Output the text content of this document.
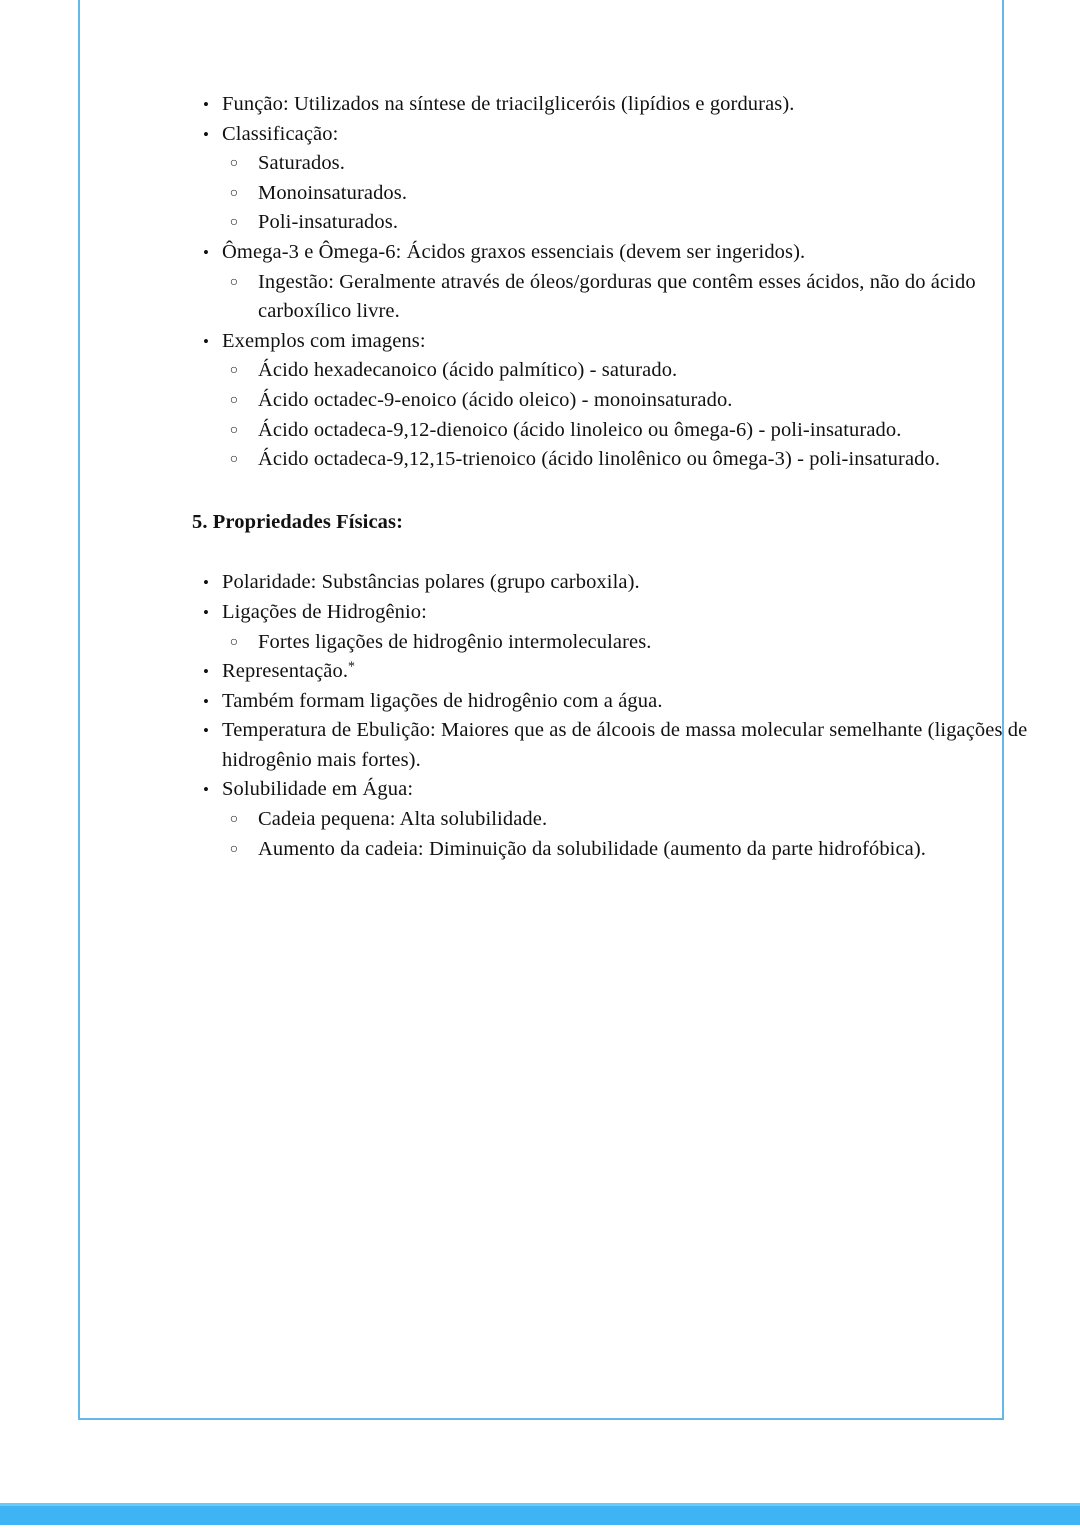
• Função: Utilizados na síntese de triacilgliceróis (lipídios e gorduras).
• Classificação:
○ Saturados.
○ Monoinsaturados.
○ Poli-insaturados.
• Ômega-3 e Ômega-6: Ácidos graxos essenciais (devem ser ingeridos).
○ Ingestão: Geralmente através de óleos/gorduras que contêm esses ácidos, não do ácido carboxílico livre.
• Exemplos com imagens:
○ Ácido hexadecanoico (ácido palmítico) - saturado.
○ Ácido octadec-9-enoico (ácido oleico) - monoinsaturado.
○ Ácido octadeca-9,12-dienoico (ácido linoleico ou ômega-6) - poli-insaturado.
○ Ácido octadeca-9,12,15-trienoico (ácido linolênico ou ômega-3) - poli-insaturado.
5. Propriedades Físicas:
• Polaridade: Substâncias polares (grupo carboxila).
• Ligações de Hidrogênio:
○ Fortes ligações de hidrogênio intermoleculares.
• Representação.*
• Também formam ligações de hidrogênio com a água.
• Temperatura de Ebulição: Maiores que as de álcoois de massa molecular semelhante (ligações de hidrogênio mais fortes).
• Solubilidade em Água:
○ Cadeia pequena: Alta solubilidade.
○ Aumento da cadeia: Diminuição da solubilidade (aumento da parte hidrofóbica).
